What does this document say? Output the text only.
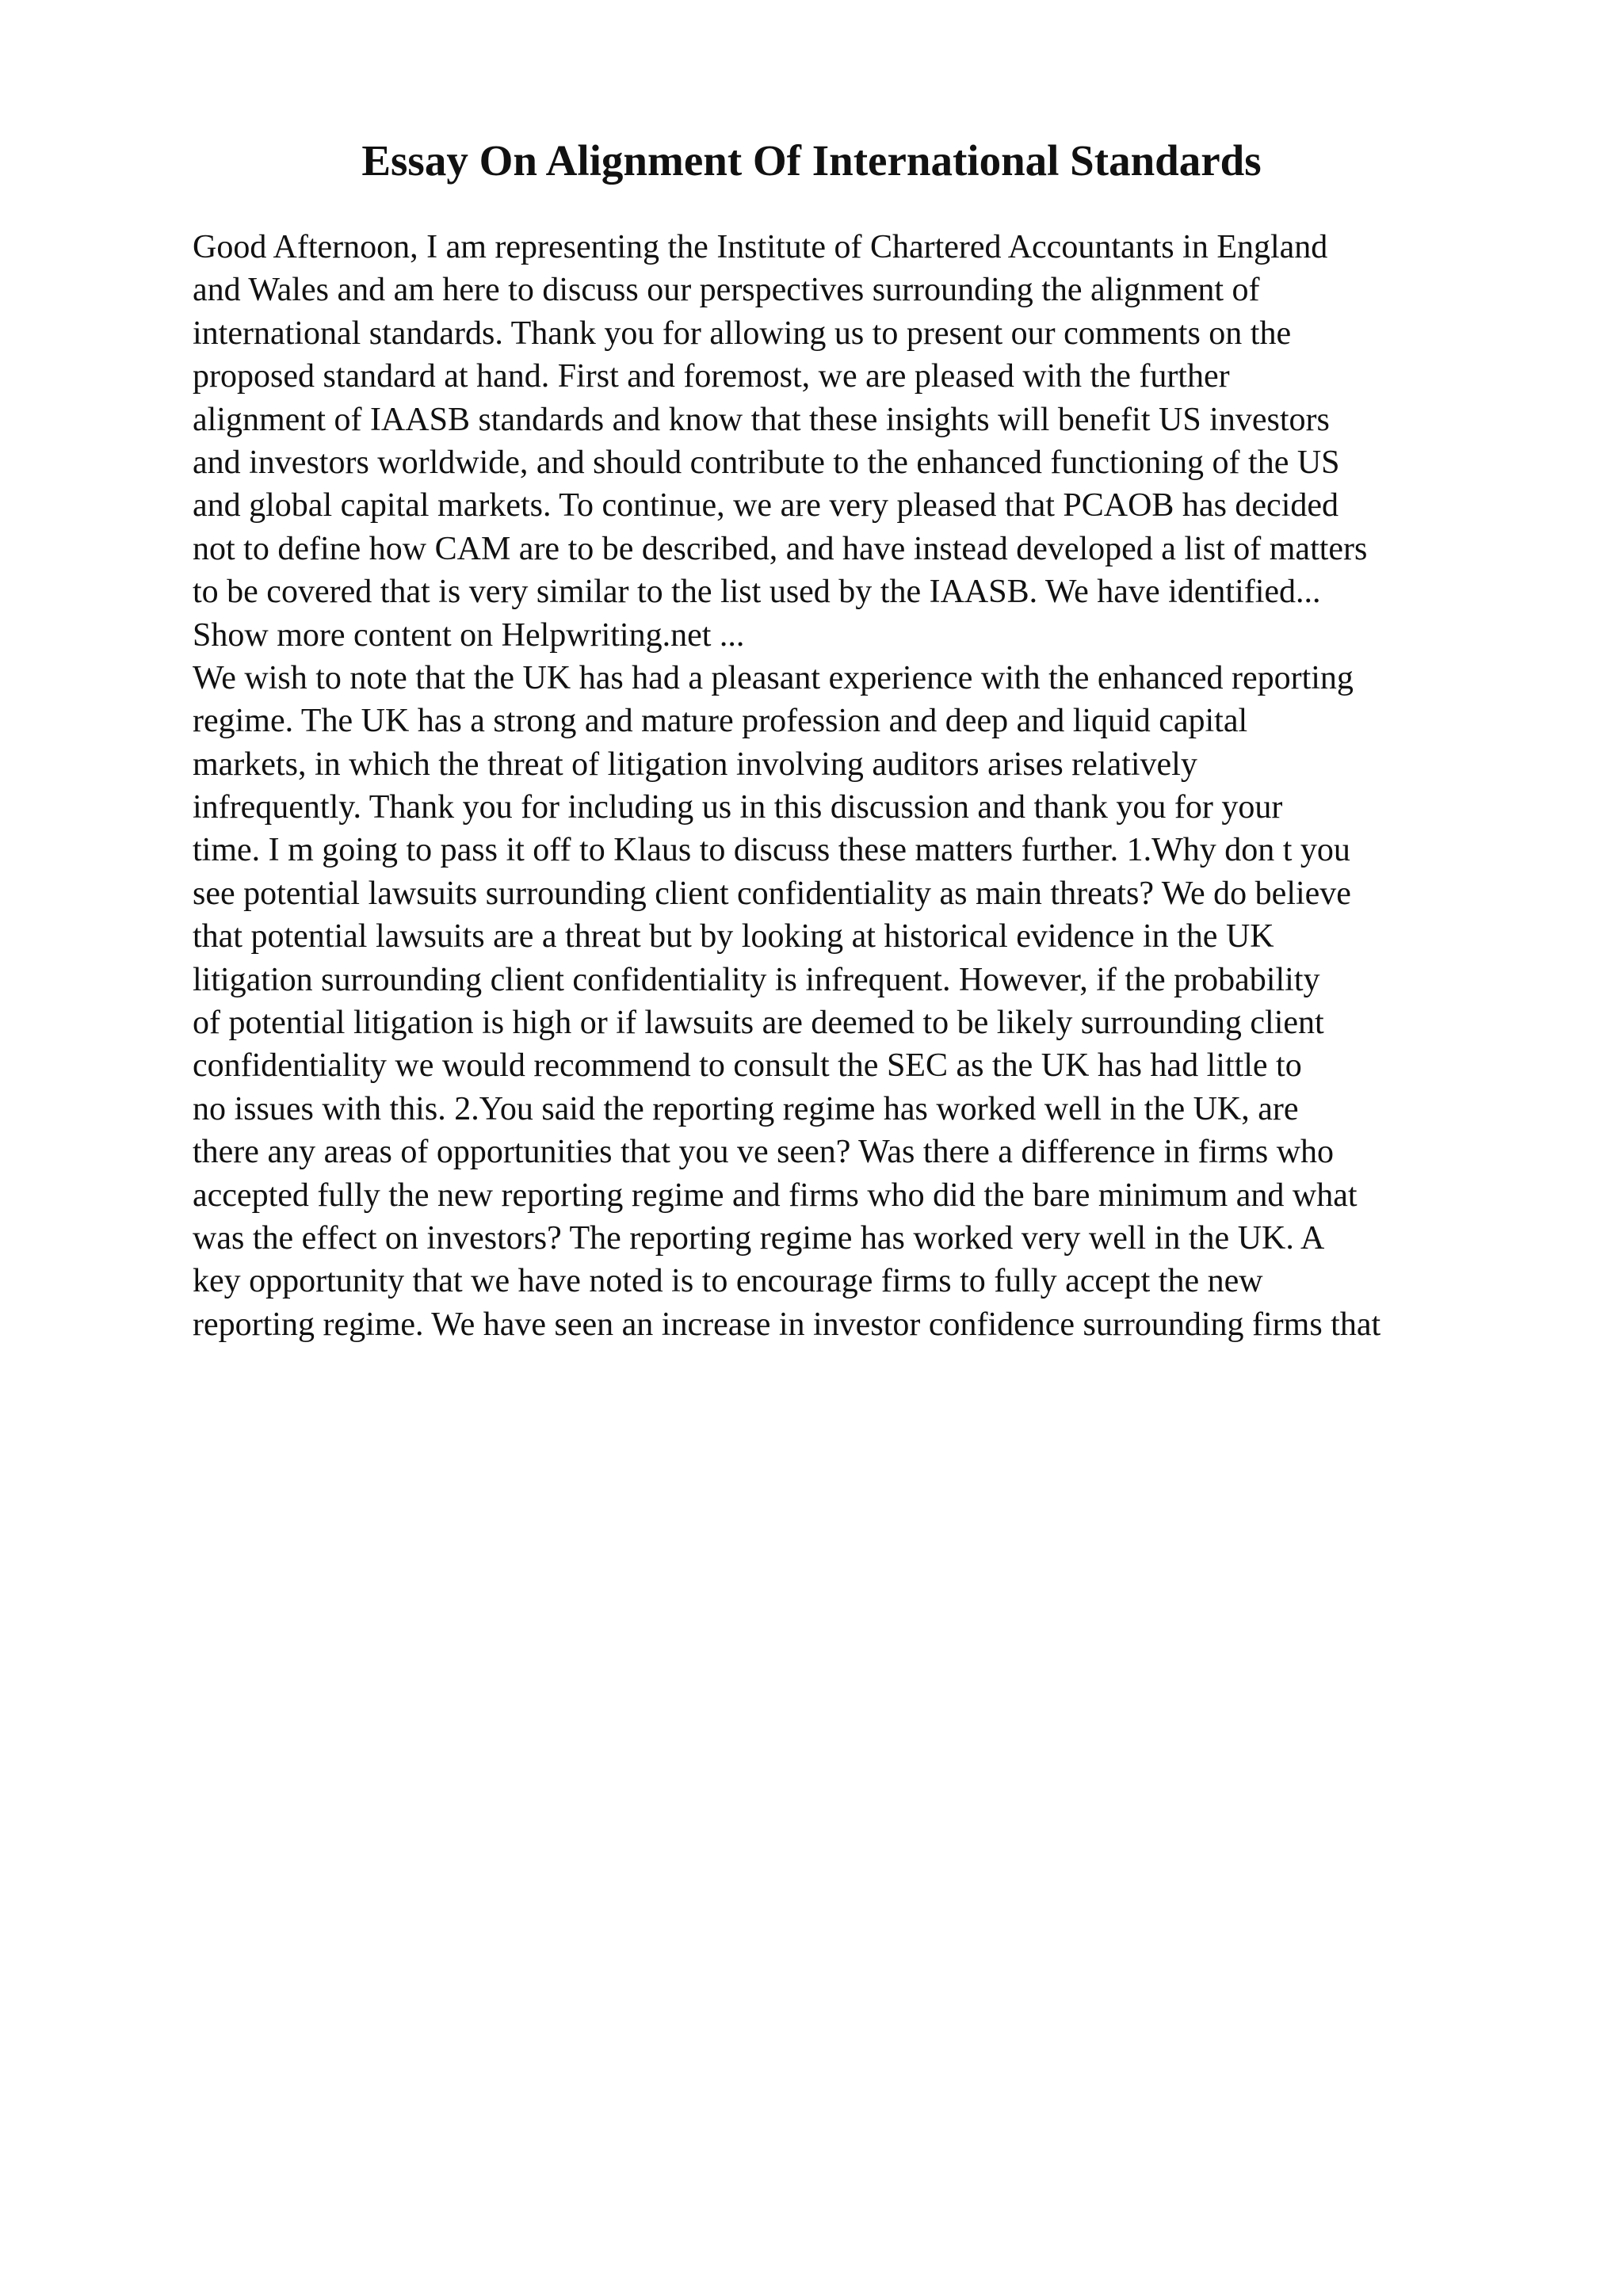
Essay On Alignment Of International Standards
Good Afternoon, I am representing the Institute of Chartered Accountants in England
and Wales and am here to discuss our perspectives surrounding the alignment of
international standards. Thank you for allowing us to present our comments on the
proposed standard at hand. First and foremost, we are pleased with the further
alignment of IAASB standards and know that these insights will benefit US investors
and investors worldwide, and should contribute to the enhanced functioning of the US
and global capital markets. To continue, we are very pleased that PCAOB has decided
not to define how CAM are to be described, and have instead developed a list of matters
to be covered that is very similar to the list used by the IAASB. We have identified...
Show more content on Helpwriting.net ...
We wish to note that the UK has had a pleasant experience with the enhanced reporting
regime. The UK has a strong and mature profession and deep and liquid capital
markets, in which the threat of litigation involving auditors arises relatively
infrequently. Thank you for including us in this discussion and thank you for your
time. I m going to pass it off to Klaus to discuss these matters further. 1.Why don t you
see potential lawsuits surrounding client confidentiality as main threats? We do believe
that potential lawsuits are a threat but by looking at historical evidence in the UK
litigation surrounding client confidentiality is infrequent. However, if the probability
of potential litigation is high or if lawsuits are deemed to be likely surrounding client
confidentiality we would recommend to consult the SEC as the UK has had little to
no issues with this. 2.You said the reporting regime has worked well in the UK, are
there any areas of opportunities that you ve seen? Was there a difference in firms who
accepted fully the new reporting regime and firms who did the bare minimum and what
was the effect on investors? The reporting regime has worked very well in the UK. A
key opportunity that we have noted is to encourage firms to fully accept the new
reporting regime. We have seen an increase in investor confidence surrounding firms that
